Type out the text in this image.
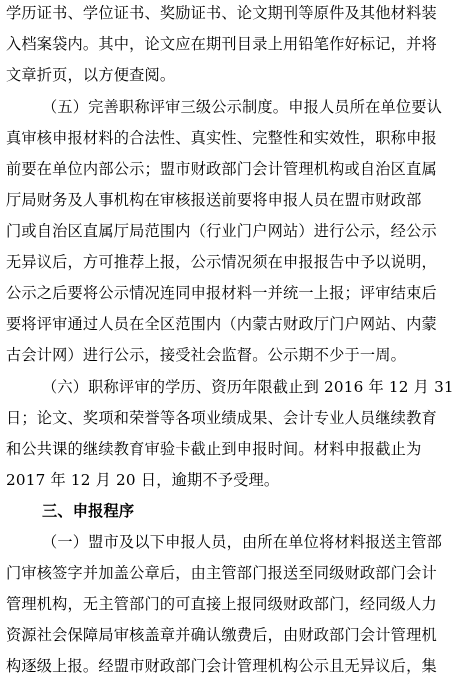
学历证书、学位证书、奖励证书、论文期刊等原件及其他材料装
入档案袋内。其中，论文应在期刊目录上用铅笔作好标记，并将
文章折页，以方便查阅。
（五）完善职称评审三级公示制度。申报人员所在单位要认
真审核申报材料的合法性、真实性、完整性和实效性，职称申报
前要在单位内部公示；盟市财政部门会计管理机构或自治区直属
厅局财务及人事机构在审核报送前要将申报人员在盟市财政部
门或自治区直属厅局范围内（行业门户网站）进行公示，经公示
无异议后，方可推荐上报，公示情况须在申报报告中予以说明，
公示之后要将公示情况连同申报材料一并统一上报；评审结束后
要将评审通过人员在全区范围内（内蒙古财政厅门户网站、内蒙
古会计网）进行公示，接受社会监督。公示期不少于一周。
（六）职称评审的学历、资历年限截止到 2016 年 12 月 31
日；论文、奖项和荣誉等各项业绩成果、会计专业人员继续教育
和公共课的继续教育审验卡截止到申报时间。材料申报截止为
2017 年 12 月 20 日，逾期不予受理。
三、申报程序
（一）盟市及以下申报人员，由所在单位将材料报送主管部
门审核签字并加盖公章后，由主管部门报送至同级财政部门会计
管理机构，无主管部门的可直接上报同级财政部门，经同级人力
资源社会保障局审核盖章并确认缴费后，由财政部门会计管理机
构逐级上报。经盟市财政部门会计管理机构公示且无异议后，集
